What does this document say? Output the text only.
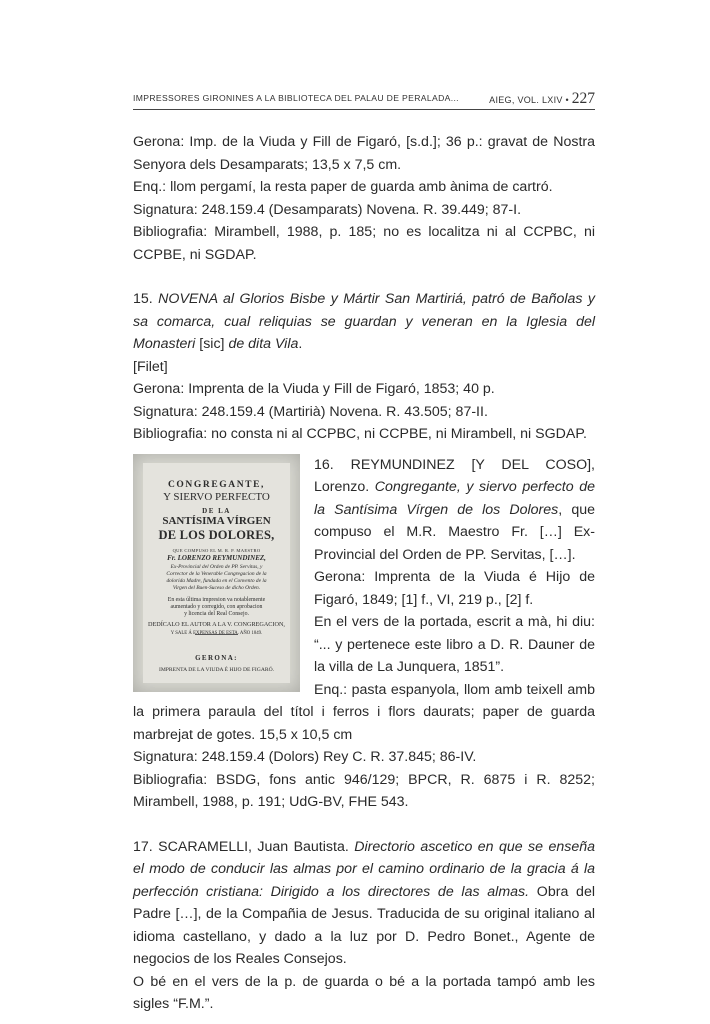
IMPRESSORES GIRONINES A LA BIBLIOTECA DEL PALAU DE PERALADA...	AIEG, VOL. LXIV • 227

Gerona: Imp. de la Viuda y Fill de Figaró, [s.d.]; 36 p.: gravat de Nostra Senyora dels Desamparats; 13,5 x 7,5 cm.

Enq.: llom pergamí, la resta paper de guarda amb ànima de cartró.

Signatura: 248.159.4 (Desamparats) Novena. R. 39.449; 87-I.

Bibliografia: Mirambell, 1988, p. 185; no es localitza ni al CCPBC, ni CCPBE, ni SGDAP.

15. NOVENA al Glorios Bisbe y Mártir San Martiriá, patró de Bañolas y sa comarca, cual reliquias se guardan y veneran en la Iglesia del Monasteri [sic] de dita Vila.

[Filet]

Gerona: Imprenta de la Viuda y Fill de Figaró, 1853; 40 p.

Signatura: 248.159.4 (Martirià) Novena. R. 43.505; 87-II.

Bibliografia: no consta ni al CCPBC, ni CCPBE, ni Mirambell, ni SGDAP.

CONGREGANTE,
Y SIERVO PERFECTO
DE LA
SANTÍSIMA VÍRGEN
DE LOS DOLORES,
QUE COMPUSO EL M. R. P. MAESTRO
Fr. LORENZO REYMUNDINEZ,
Ex-Provincial del Orden de PP. Servitas, y
Corrector de la Venerable Congregacion de la
dolorida Madre, fundada en el Convento de la
Virgen del Buen-Suceso de dicho Orden.
En esta última impresion va notablemente
aumentado y corregido, con aprobacion
y licencia del Real Consejo.
DEDÍCALO EL AUTOR A LA V. CONGREGACION,
Y SALE Á EXPENSAS DE ESTA. AÑO 1849.
GERONA:
IMPRENTA DE LA VIUDA É HIJO DE FIGARÓ.

16. REYMUNDINEZ [Y DEL COSO], Lorenzo. Congregante, y siervo perfecto de la Santísima Vírgen de los Dolores, que compuso el M.R. Maestro Fr. […] Ex-Provincial del Orden de PP. Servitas, […].

Gerona: Imprenta de la Viuda é Hijo de Figaró, 1849; [1] f., VI, 219 p., [2] f.

En el vers de la portada, escrit a mà, hi diu: “... y pertenece este libro a D. R. Dauner de la villa de La Junquera, 1851”.

Enq.: pasta espanyola, llom amb teixell amb la primera paraula del títol i ferros i flors daurats; paper de guarda marbrejat de gotes. 15,5 x 10,5 cm

Signatura: 248.159.4 (Dolors) Rey C. R. 37.845; 86-IV.

Bibliografia: BSDG, fons antic 946/129; BPCR, R. 6875 i R. 8252; Mirambell, 1988, p. 191; UdG-BV, FHE 543.

17. SCARAMELLI, Juan Bautista. Directorio ascetico en que se enseña el modo de conducir las almas por el camino ordinario de la gracia á la perfección cristiana: Dirigido a los directores de las almas. Obra del Padre […], de la Compañia de Jesus. Traducida de su original italiano al idioma castellano, y dado a la luz por D. Pedro Bonet., Agente de negocios de los Reales Consejos.

O bé en el vers de la p. de guarda o bé a la portada tampó amb les sigles “F.M.”.
